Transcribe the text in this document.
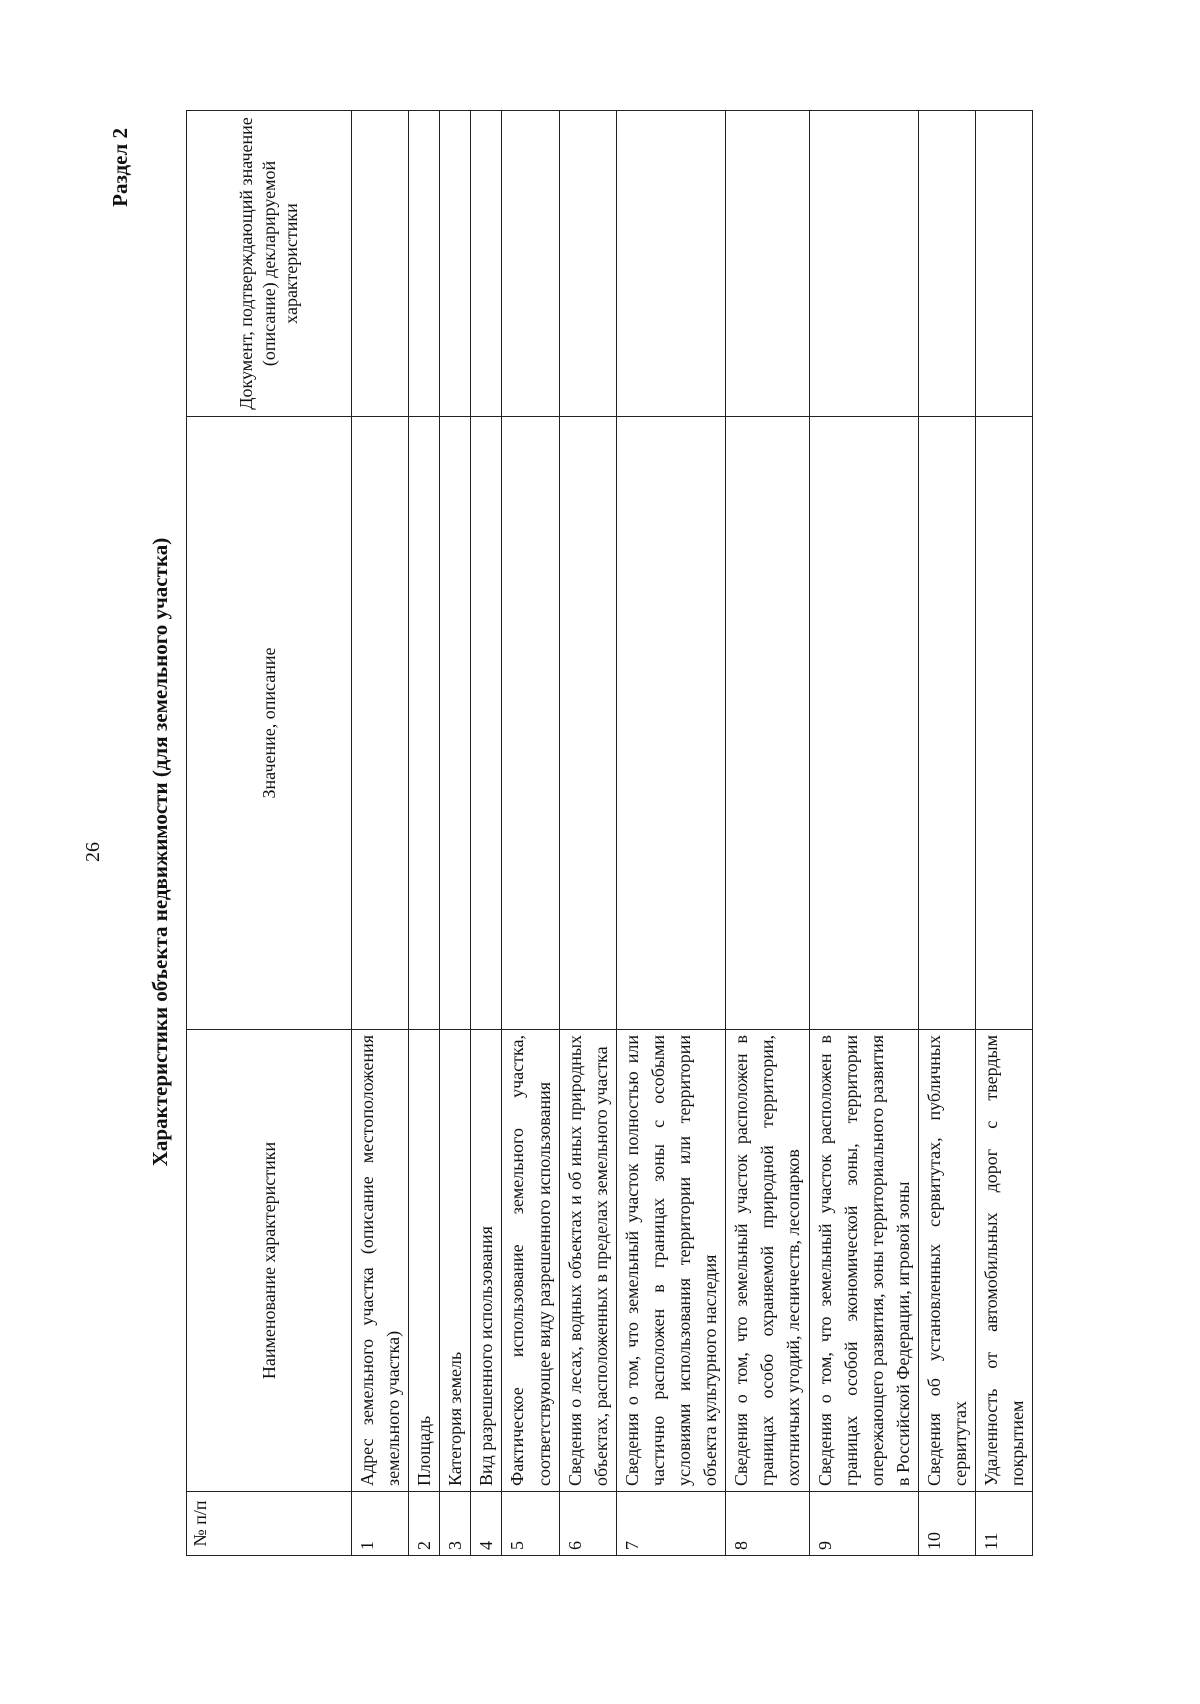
26
Раздел 2
Характеристики объекта недвижимости (для земельного участка)
№ п/п	Наименование характеристики	Значение, описание	Документ, подтверждающий значение (описание) декларируемой характеристики
1	Адрес земельного участка (описание местоположения земельного участка)		
2	Площадь		
3	Категория земель		
4	Вид разрешенного использования		
5	Фактическое использование земельного участка, соответствующее виду разрешенного использования		
6	Сведения о лесах, водных объектах и об иных природных объектах, расположенных в пределах земельного участка		
7	Сведения о том, что земельный участок полностью или частично расположен в границах зоны с особыми условиями использования территории или территории объекта культурного наследия		
8	Сведения о том, что земельный участок расположен в границах особо охраняемой природной территории, охотничьих угодий, лесничеств, лесопарков		
9	Сведения о том, что земельный участок расположен в границах особой экономической зоны, территории опережающего развития, зоны территориального развития в Российской Федерации, игровой зоны		
10	Сведения об установленных сервитутах, публичных сервитутах		
11	Удаленность от автомобильных дорог с твердым покрытием		
